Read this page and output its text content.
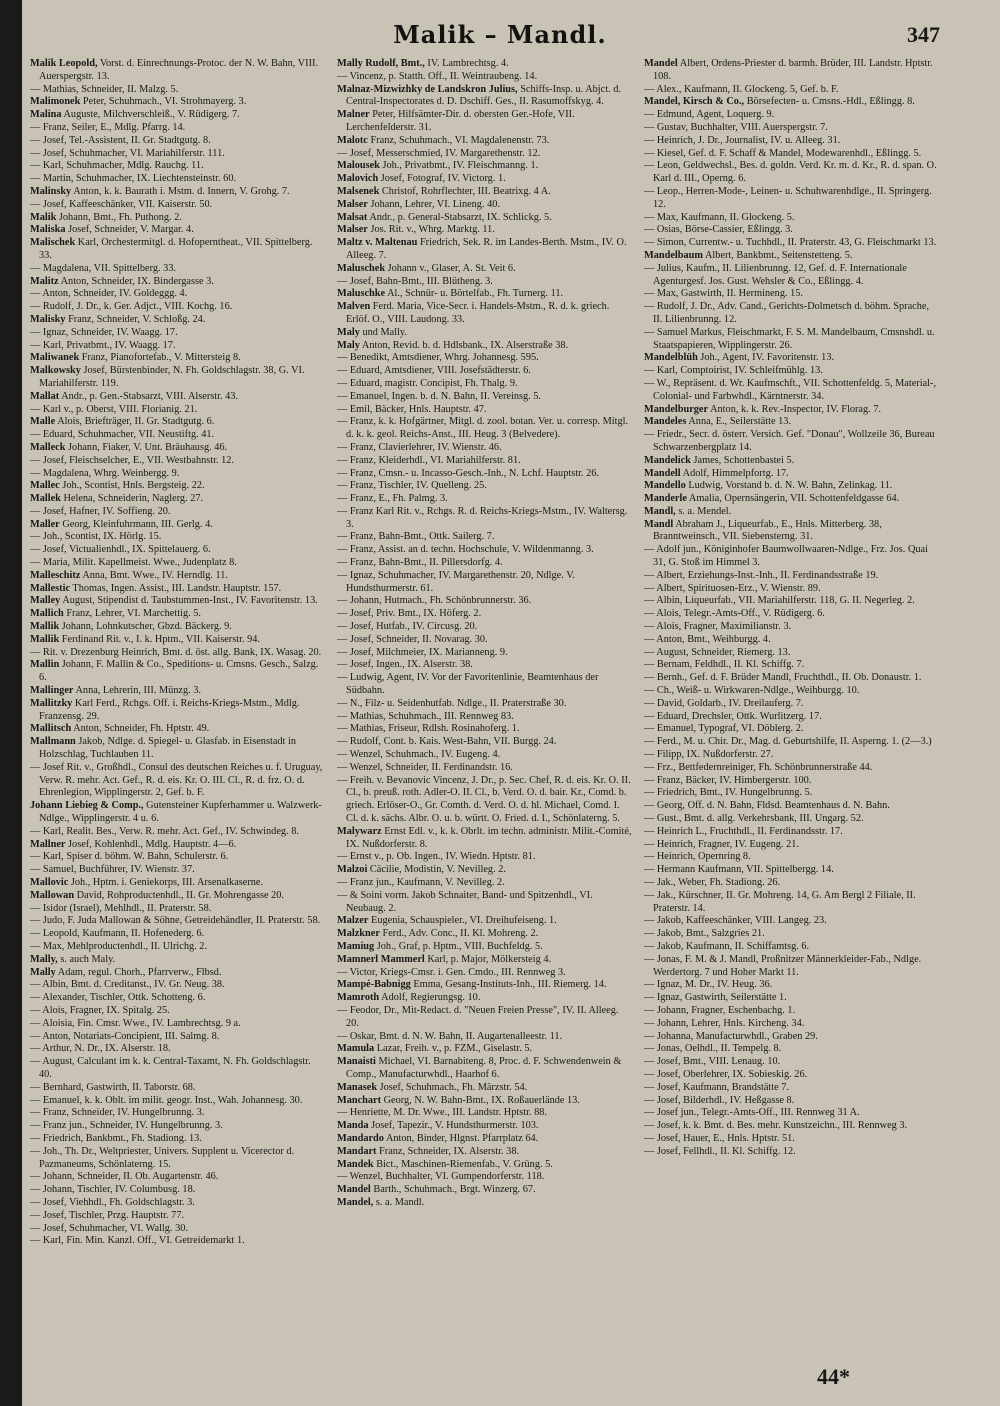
Malik – Mandl.	347

Malik Leopold, Vorst. d. Einrechnungs-Protoc. der N. W. Bahn, VIII. Auerspergstr. 13.

— Mathias, Schneider, II. Malzg. 5.

Malimonek Peter, Schuhmach., VI. Strohmayerg. 3.

Malina Auguste, Milchverschleiß., V. Rüdigerg. 7.

— Franz, Seiler, E., Mdlg. Pfarrg. 14.

— Josef, Tel.-Assistent, II. Gr. Stadtgutg. 8.

— Josef, Schuhmacher, VI. Mariahilferstr. 111.

— Karl, Schuhmacher, Mdlg. Rauchg. 11.

— Martin, Schuhmacher, IX. Liechtensteinstr. 60.

Malinsky Anton, k. k. Baurath i. Mstm. d. Innern, V. Grohg. 7.

— Josef, Kaffeeschänker, VII. Kaiserstr. 50.

Malik Johann, Bmt., Fh. Puthong. 2.

Maliska Josef, Schneider, V. Margar. 4.

Malischek Karl, Orchestermitgl. d. Hofoperntheat., VII. Spittelberg. 33.

— Magdalena, VII. Spittelberg. 33.

Malitz Anton, Schneider, IX. Bindergasse 3.

— Anton, Schneider, IV. Goldeggg. 4.

— Rudolf, J. Dr., k. Ger. Adjct., VIII. Kochg. 16.

Malisky Franz, Schneider, V. Schloßg. 24.

— Ignaz, Schneider, IV. Waagg. 17.

— Karl, Privatbmt., IV. Waagg. 17.

Maliwanek Franz, Pianofortefab., V. Mittersteig 8.

Malkowsky Josef, Bürstenbinder, N. Fh. Goldschlagstr. 38, G. VI. Mariahilferstr. 119.

Mallat Andr., p. Gen.-Stabsarzt, VIII. Alserstr. 43.

— Karl v., p. Oberst, VIII. Florianig. 21.

Malle Alois, Briefträger, II. Gr. Stadtgutg. 6.

— Eduard, Schuhmacher, VII. Neustiftg. 41.

Malleck Johann, Fiaker, V. Unt. Bräuhausg. 46.

— Josef, Fleischselcher, E., VII. Westbahnstr. 12.

— Magdalena, Whrg. Weinbergg. 9.

Mallec Joh., Scontist, Hnls. Bergsteig. 22.

Mallek Helena, Schneiderin, Naglerg. 27.

— Josef, Hafner, IV. Soffieng. 20.

Maller Georg, Kleinfuhrmann, III. Gerlg. 4.

— Joh., Scontist, IX. Hörlg. 15.

— Josef, Victualienhdl., IX. Spittelauerg. 6.

— Maria, Milit. Kapellmeist. Wwe., Judenplatz 8.

Malleschitz Anna, Bmt. Wwe., IV. Herndlg. 11.

Mallestic Thomas, Ingen. Assist., III. Landstr. Hauptstr. 157.

Malley August, Stipendist d. Taubstummen-Inst., IV. Favoritenstr. 13.

Mallich Franz, Lehrer, VI. Marchettig. 5.

Mallik Johann, Lohnkutscher, Gbzd. Bäckerg. 9.

Mallik Ferdinand Rit. v., I. k. Hptm., VII. Kaiserstr. 94.

— Rit. v. Drezenburg Heinrich, Bmt. d. öst. allg. Bank, IX. Wasag. 20.

Mallin Johann, F. Mallin & Co., Speditions- u. Cmsns. Gesch., Salzg. 6.

Mallinger Anna, Lehrerin, III. Münzg. 3.

Mallitzky Karl Ferd., Rchgs. Off. i. Reichs-Kriegs-Mstm., Mdlg. Franzensg. 29.

Mallitsch Anton, Schneider, Fh. Hptstr. 49.

Mallmann Jakob, Ndlge. d. Spiegel- u. Glasfab. in Eisenstadt in Holzschlag, Tuchlauben 11.

— Josef Rit. v., Großhdl., Consul des deutschen Reiches u. f. Uruguay, Verw. R. mehr. Act. Gef., R. d. eis. Kr. O. III. Cl., R. d. frz. O. d. Ehrenlegion, Wipplingerstr. 2, Gef. b. F.

Johann Liebieg & Comp., Gutensteiner Kupferhammer u. Walzwerk-Ndlge., Wipplingerstr. 4 u. 6.

— Karl, Realit. Bes., Verw. R. mehr. Act. Gef., IV. Schwindeg. 8.

Mallner Josef, Kohlenhdl., Mdlg. Hauptstr. 4—6.

— Karl, Spiser d. böhm. W. Bahn, Schulerstr. 6.

— Samuel, Buchführer, IV. Wienstr. 37.

Mallovic Joh., Hptm. i. Geniekorps, III. Arsenalkaserne.

Mallowan David, Rohproductenhdl., II. Gr. Mohrengasse 20.

— Isidor (Israel), Mehlhdl., II. Praterstr. 58.

— Judo, F. Juda Mallowan & Söhne, Getreidehändler, II. Praterstr. 58.

— Leopold, Kaufmann, II. Hofenederg. 6.

— Max, Mehlproductenhdl., II. Ulrichg. 2.

Mally, s. auch Maly.

Mally Adam, regul. Chorh., Pfarrverw., Flbsd.

— Albin, Bmt. d. Creditanst., IV. Gr. Neug. 38.

— Alexander, Tischler, Ottk. Schotteng. 6.

— Alois, Fragner, IX. Spitalg. 25.

— Aloisia, Fin. Cmsr. Wwe., IV. Lambrechtsg. 9 a.

— Anton, Notariats-Concipient, III. Salmg. 8.

— Arthur, N. Dr., IX. Alserstr. 18.

— August, Calculant im k. k. Central-Taxamt, N. Fh. Goldschlagstr. 40.

— Bernhard, Gastwirth, II. Taborstr. 68.

— Emanuel, k. k. Oblt. im milit. geogr. Inst., Wah. Johannesg. 30.

— Franz, Schneider, IV. Hungelbrunng. 3.

— Franz jun., Schneider, IV. Hungelbrunng. 3.

— Friedrich, Bankbmt., Fh. Stadiong. 13.

— Joh., Th. Dr., Weltpriester, Univers. Supplent u. Vicerector d. Pazmaneums, Schönlaterng. 15.

— Johann, Schneider, II. Ob. Augartenstr. 46.

— Johann, Tischler, IV. Columbusg. 18.

— Josef, Viehhdl., Fh. Goldschlagstr. 3.

— Josef, Tischler, Przg. Hauptstr. 77.

— Josef, Schuhmacher, VI. Wallg. 30.

— Karl, Fin. Min. Kanzl. Off., VI. Getreidemarkt 1.

Mally Rudolf, Bmt., IV. Lambrechtsg. 4.

— Vincenz, p. Statth. Off., II. Weintraubeng. 14.

Malnaz-Mizwizhky de Landskron Julius, Schiffs-Insp. u. Abjct. d. Central-Inspectorates d. D. Dschiff. Ges., II. Rasumoffskyg. 4.

Malner Peter, Hilfsämter-Dir. d. obersten Ger.-Hofe, VII. Lerchenfelderstr. 31.

Malotc Franz, Schuhmach., VI. Magdalenenstr. 73.

— Josef, Messerschmied, IV. Margarethenstr. 12.

Malousek Joh., Privatbmt., IV. Fleischmanng. 1.

Malovich Josef, Fotograf, IV. Victorg. 1.

Malsenek Christof, Rohrflechter, III. Beatrixg. 4 A.

Malser Johann, Lehrer, VI. Lineng. 40.

Malsat Andr., p. General-Stabsarzt, IX. Schlickg. 5.

Malser Jos. Rit. v., Whrg. Marktg. 11.

Maltz v. Maltenau Friedrich, Sek. R. im Landes-Berth. Mstm., IV. O. Alleeg. 7.

Maluschek Johann v., Glaser, A. St. Veit 6.

— Josef, Bahn-Bmt., III. Blütheng. 3.

Maluschke Al., Schnür- u. Börtelfab., Fh. Turnerg. 11.

Malven Ferd. Maria, Vice-Secr. i. Handels-Mstm., R. d. k. griech. Erlöf. O., VIII. Laudong. 33.

Maly und Mally.

Maly Anton, Revid. b. d. Hdlsbank., IX. Alserstraße 38.

— Benedikt, Amtsdiener, Whrg. Johannesg. 595.

— Eduard, Amtsdiener, VIII. Josefstädterstr. 6.

— Eduard, magistr. Concipist, Fh. Thalg. 9.

— Emanuel, Ingen. b. d. N. Bahn, II. Vereinsg. 5.

— Emil, Bäcker, Hnls. Hauptstr. 47.

— Franz, k. k. Hofgärtner, Mitgl. d. zool. botan. Ver. u. corresp. Mitgl. d. k. k. geol. Reichs-Anst., III. Heug. 3 (Belvedere).

— Franz, Clavierlehrer, IV. Wienstr. 46.

— Franz, Kleiderhdl., VI. Mariahilferstr. 81.

— Franz, Cmsn.- u. Incasso-Gesch.-Inh., N. Lchf. Hauptstr. 26.

— Franz, Tischler, IV. Quelleng. 25.

— Franz, E., Fh. Palmg. 3.

— Franz Karl Rit. v., Rchgs. R. d. Reichs-Kriegs-Mstm., IV. Waltersg. 3.

— Franz, Bahn-Bmt., Ottk. Sailerg. 7.

— Franz, Assist. an d. techn. Hochschule, V. Wildenmanng. 3.

— Franz, Bahn-Bmt., II. Pillersdorfg. 4.

— Ignaz, Schuhmacher, IV. Margarethenstr. 20, Ndlge. V. Hundsthurmerstr. 61.

— Johann, Hutmach., Fh. Schönbrunnerstr. 36.

— Josef, Priv. Bmt., IX. Höferg. 2.

— Josef, Hutfab., IV. Circusg. 20.

— Josef, Schneider, II. Novarag. 30.

— Josef, Milchmeier, IX. Marianneng. 9.

— Josef, Ingen., IX. Alserstr. 38.

— Ludwig, Agent, IV. Vor der Favoritenlinie, Beamtenhaus der Südbahn.

— N., Filz- u. Seidenhutfab. Ndlge., II. Praterstraße 30.

— Mathias, Schuhmach., III. Rennweg 83.

— Mathias, Friseur, Rdlsh. Rosinahoferg. 1.

— Rudolf, Cont. b. Kais. West-Bahn, VII. Burgg. 24.

— Wenzel, Schuhmach., IV. Eugeng. 4.

— Wenzel, Schneider, II. Ferdinandstr. 16.

— Freih. v. Bevanovic Vincenz, J. Dr., p. Sec. Chef, R. d. eis. Kr. O. II. Cl., b. preuß. roth. Adler-O. II. Cl., b. Verd. O. d. bair. Kr., Comd. b. griech. Erlöser-O., Gr. Comth. d. Verd. O. d. hl. Michael, Comd. I. Cl. d. k. sächs. Albr. O. u. b. württ. O. Fried. d. I., Schönlaterng. 5.

Malywarz Ernst Edl. v., k. k. Obrlt. im techn. administr. Milit.-Comité, IX. Nußdorferstr. 8.

— Ernst v., p. Ob. Ingen., IV. Wiedn. Hptstr. 81.

Malzoi Cäcilie, Modistin, V. Nevilleg. 2.

— Franz jun., Kaufmann, V. Nevilleg. 2.

— & Soini vorm. Jakob Schnaiter, Band- und Spitzenhdl., VI. Neubaug. 2.

Malzer Eugenia, Schauspieler., VI. Dreihufeiseng. 1.

Malzkner Ferd., Adv. Conc., II. Kl. Mohreng. 2.

Mamiug Joh., Graf, p. Hptm., VIII. Buchfeldg. 5.

Mamnerl Mammerl Karl, p. Major, Mölkersteig 4.

— Victor, Kriegs-Cmsr. i. Gen. Cmdo., III. Rennweg 3.

Mampé-Babnigg Emma, Gesang-Instituts-Inh., III. Riemerg. 14.

Mamroth Adolf, Regierungsg. 10.

— Feodor, Dr., Mit-Redact. d. "Neuen Freien Presse", IV. II. Alleeg. 20.

— Oskar, Bmt. d. N. W. Bahn, II. Augartenalleestr. 11.

Mamula Lazar, Freih. v., p. FZM., Giselastr. 5.

Manaisti Michael, VI. Barnabiteng. 8, Proc. d. F. Schwendenwein & Comp., Manufacturwhdl., Haarhof 6.

Manasek Josef, Schuhmach., Fh. Märzstr. 54.

Manchart Georg, N. W. Bahn-Bmt., IX. Roßauerlände 13.

— Henriette, M. Dr. Wwe., III. Landstr. Hptstr. 88.

Manda Josef, Tapezir., V. Hundsthurmerstr. 103.

Mandardo Anton, Binder, Hlgnst. Pfarrplatz 64.

Mandart Franz, Schneider, IX. Alserstr. 38.

Mandek Bict., Maschinen-Riemenfab., V. Grüng. 5.

— Wenzel, Buchhalter, VI. Gumpendorferstr. 118.

Mandel Barth., Schuhmach., Brgt. Winzerg. 67.

Mandel, s. a. Mandl.

Mandel Albert, Ordens-Priester d. barmh. Brüder, III. Landstr. Hptstr. 108.

— Alex., Kaufmann, II. Glockeng. 5, Gef. b. F.

Mandel, Kirsch & Co., Börsefecten- u. Cmsns.-Hdl., Eßlingg. 8.

— Edmund, Agent, Loquerg. 9.

— Gustav, Buchhalter, VIII. Auerspergstr. 7.

— Heinrich, J. Dr., Journalist, IV. u. Alleeg. 31.

— Kiesel, Gef. d. F. Schaff & Mandel, Modewarenhdl., Eßlingg. 5.

— Leon, Geldwechsl., Bes. d. goldn. Verd. Kr. m. d. Kr., R. d. span. O. Karl d. III., Operng. 6.

— Leop., Herren-Mode-, Leinen- u. Schuhwarenhdlge., II. Springerg. 12.

— Max, Kaufmann, II. Glockeng. 5.

— Osias, Börse-Cassier, Eßlingg. 3.

— Simon, Currentw.- u. Tuchhdl., II. Praterstr. 43, G. Fleischmarkt 13.

Mandelbaum Albert, Bankbmt., Seitenstetteng. 5.

— Julius, Kaufm., II. Lilienbrunng. 12, Gef. d. F. Internationale Agenturgesf. Jos. Gust. Wehsler & Co., Eßlingg. 4.

— Max, Gastwirth, II. Hermineng. 15.

— Rudolf, J. Dr., Adv. Cand., Gerichts-Dolmetsch d. böhm. Sprache, II. Lilienbrunng. 12.

— Samuel Markus, Fleischmarkt, F. S. M. Mandelbaum, Cmsnshdl. u. Staatspapieren, Wipplingerstr. 26.

Mandelblüh Joh., Agent, IV. Favoritenstr. 13.

— Karl, Comptoirist, IV. Schleifmühlg. 13.

— W., Repräsent. d. Wr. Kaufmschft., VII. Schottenfeldg. 5, Material-, Colonial- und Farbwhdl., Kärntnerstr. 34.

Mandelburger Anton, k. k. Rev.-Inspector, IV. Florag. 7.

Mandeles Anna, E., Seilerstätte 13.

— Friedr., Secr. d. österr. Versich. Gef. "Donau", Wollzeile 36, Bureau Schwarzenbergplatz 14.

Mandelick James, Schottenbastei 5.

Mandell Adolf, Himmelpfortg. 17.

Mandello Ludwig, Vorstand b. d. N. W. Bahn, Zelinkag. 11.

Manderle Amalia, Opernsängerin, VII. Schottenfeldgasse 64.

Mandl, s. a. Mendel.

Mandl Abraham J., Liqueurfab., E., Hnls. Mitterberg. 38, Branntweinsch., VII. Siebensterng. 31.

— Adolf jun., Königinhofer Baumwollwaaren-Ndlge., Frz. Jos. Quai 31, G. Stoß im Himmel 3.

— Albert, Erziehungs-Inst.-Inh., II. Ferdinandsstraße 19.

— Albert, Spirituosen-Erz., V. Wienstr. 89.

— Albin, Liqueurfab., VII. Mariahilferstr. 118, G. II. Negerleg. 2.

— Alois, Telegr.-Amts-Off., V. Rüdigerg. 6.

— Alois, Fragner, Maximilianstr. 3.

— Anton, Bmt., Weihburgg. 4.

— August, Schneider, Riemerg. 13.

— Bernam, Feldhdl., II. Kl. Schiffg. 7.

— Bernh., Gef. d. F. Brüder Mandl, Fruchthdl., II. Ob. Donaustr. 1.

— Ch., Weiß- u. Wirkwaren-Ndlge., Weihburgg. 10.

— David, Goldarb., IV. Dreilauferg. 7.

— Eduard, Drechsler, Ottk. Wurlitzerg. 17.

— Emanuel, Typograf, VI. Döblerg. 2.

— Ferd., M. u. Chir. Dr., Mag. d. Geburtshilfe, II. Asperng. 1. (2—3.)

— Filipp, IX. Nußdorferstr. 27.

— Frz., Bettfedernreiniger, Fh. Schönbrunnerstraße 44.

— Franz, Bäcker, IV. Himbergerstr. 100.

— Friedrich, Bmt., IV. Hungelbrunng. 5.

— Georg, Off. d. N. Bahn, Fldsd. Beamtenhaus d. N. Bahn.

— Gust., Bmt. d. allg. Verkehrsbank, III. Ungarg. 52.

— Heinrich L., Fruchthdl., II. Ferdinandsstr. 17.

— Heinrich, Fragner, IV. Eugeng. 21.

— Heinrich, Opernring 8.

— Hermann Kaufmann, VII. Spittelbergg. 14.

— Jak., Weber, Fh. Stadiong. 26.

— Jak., Kürschner, II. Gr. Mohreng. 14, G. Am Bergl 2 Filiale, II. Praterstr. 14.

— Jakob, Kaffeeschänker, VIII. Langeg. 23.

— Jakob, Bmt., Salzgries 21.

— Jakob, Kaufmann, II. Schiffamtsg. 6.

— Jonas, F. M. & J. Mandl, Proßnitzer Männerkleider-Fab., Ndlge. Werdertorg. 7 und Hoher Markt 11.

— Ignaz, M. Dr., IV. Heug. 36.

— Ignaz, Gastwirth, Seilerstätte 1.

— Johann, Fragner, Eschenbachg. 1.

— Johann, Lehrer, Hnls. Kircheng. 34.

— Johanna, Manufacturwhdl., Graben 29.

— Jonas, Oelhdl., II. Tempelg. 8.

— Josef, Bmt., VIII. Lenaug. 10.

— Josef, Oberlehrer, IX. Sobieskig. 26.

— Josef, Kaufmann, Brandstätte 7.

— Josef, Bilderhdl., IV. Heßgasse 8.

— Josef jun., Telegr.-Amts-Off., III. Rennweg 31 A.

— Josef, k. k. Bmt. d. Bes. mehr. Kunstzeichn., III. Rennweg 3.

— Josef, Hauer, E., Hnls. Hptstr. 51.

— Josef, Fellhdl., II. Kl. Schiffg. 12.

44*
